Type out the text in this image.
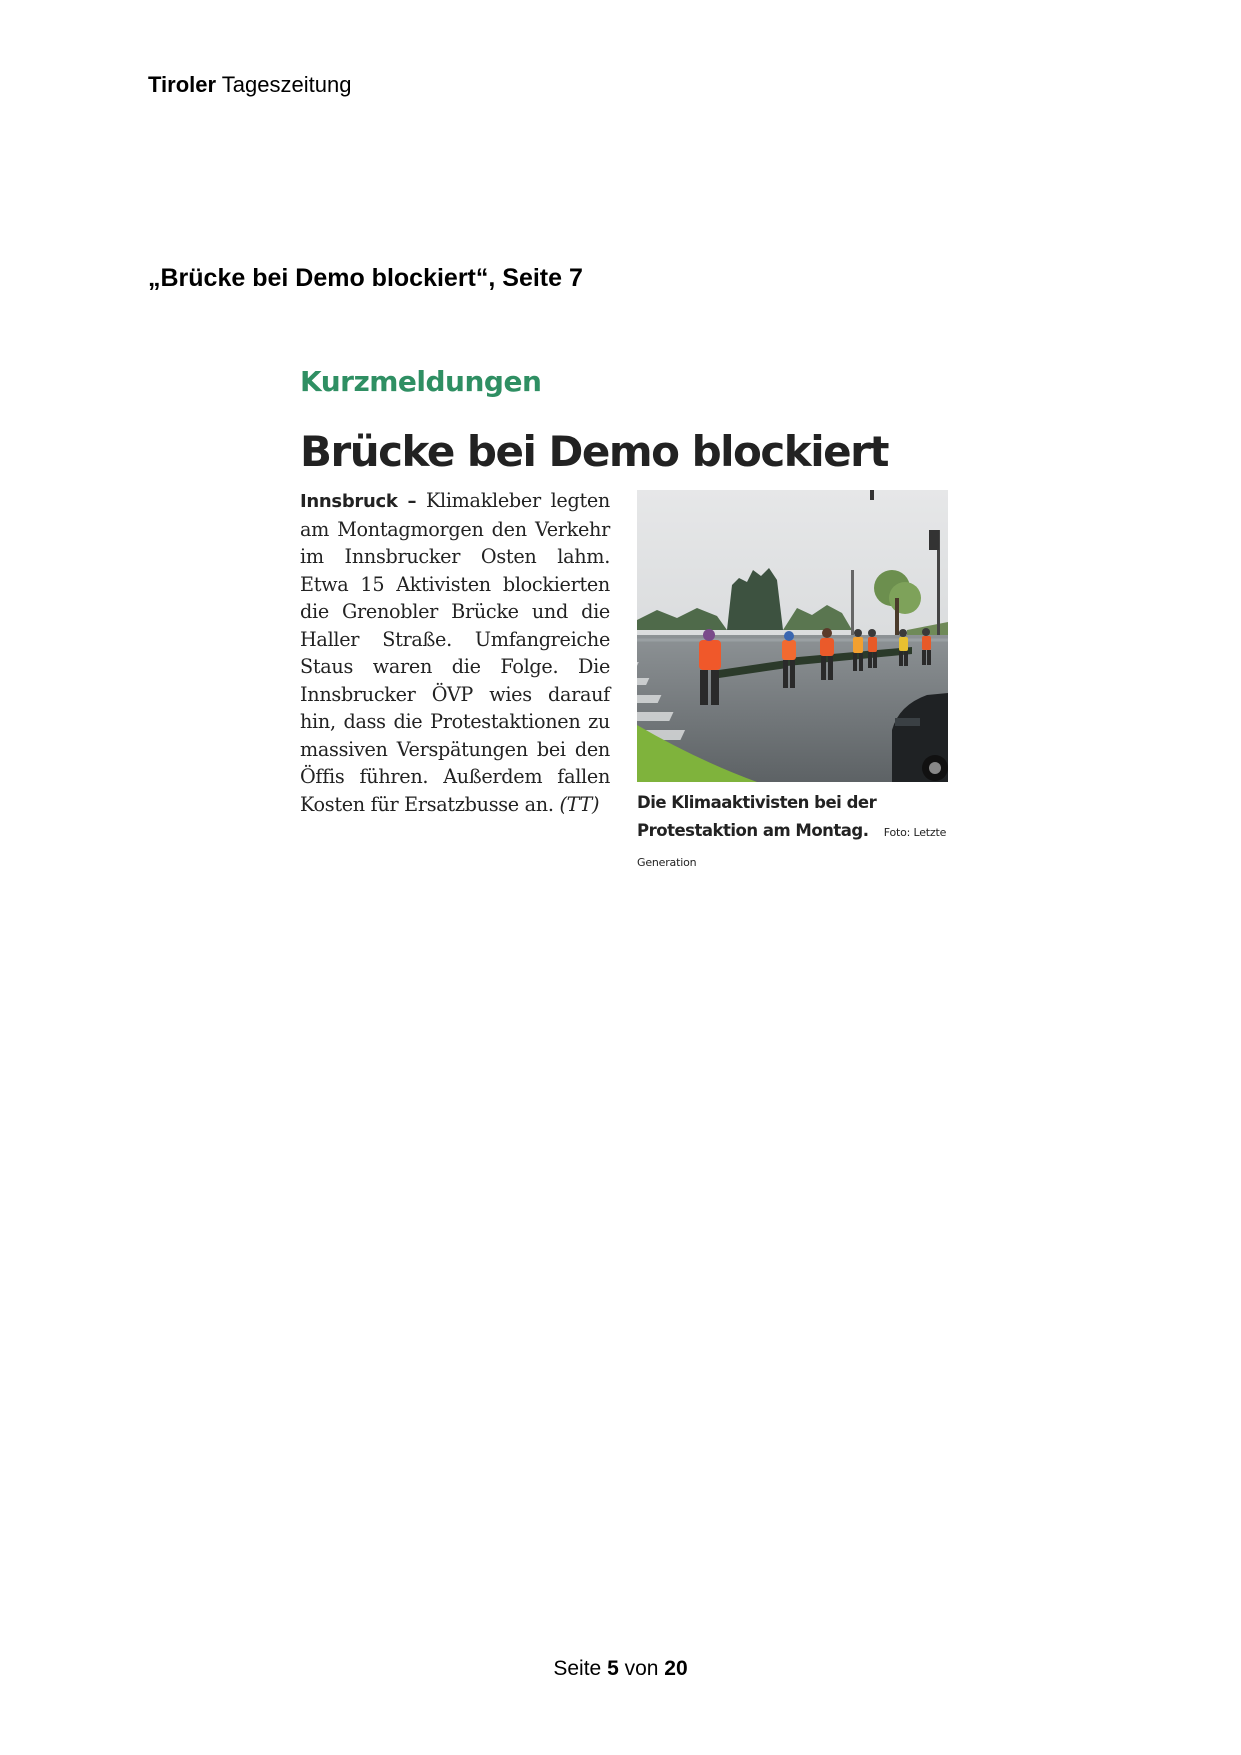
Tiroler Tageszeitung
„Brücke bei Demo blockiert“, Seite 7
Kurzmeldungen
Brücke bei Demo blockiert
Innsbruck – Klimakleber legten am Montagmorgen den Verkehr im Innsbrucker Osten lahm. Etwa 15 Aktivisten blockierten die Grenobler Brücke und die Haller Straße. Umfangreiche Staus waren die Folge. Die Innsbrucker ÖVP wies darauf hin, dass die Protestaktionen zu massiven Verspätungen bei den Öffis führen. Außerdem fallen Kosten für Ersatzbusse an. (TT)	Die Klimaaktivisten bei der Protestaktion am Montag. Foto: Letzte Generation
Seite 5 von 20
